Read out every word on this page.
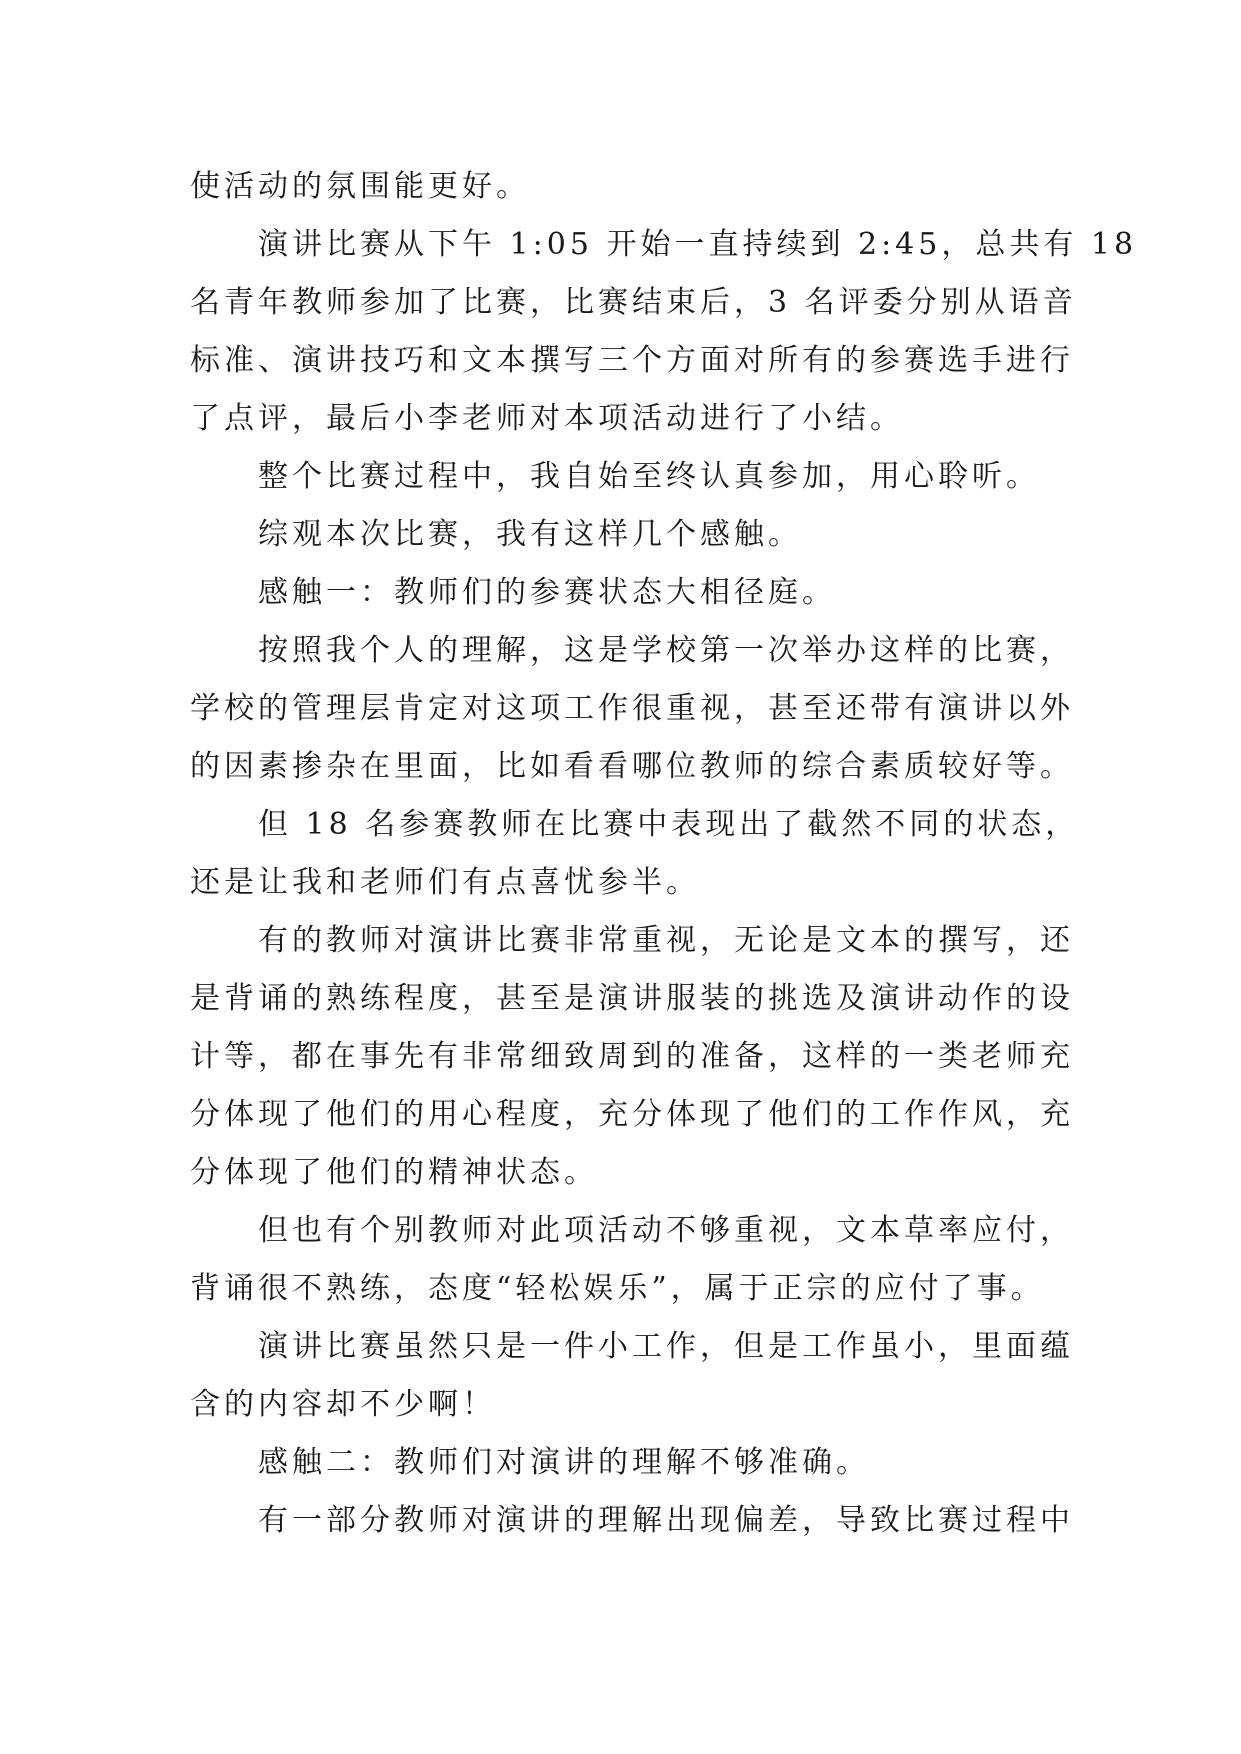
使活动的氛围能更好。
演讲比赛从下午 1:05 开始一直持续到 2:45，总共有 18
名青年教师参加了比赛，比赛结束后，3 名评委分别从语音
标准、演讲技巧和文本撰写三个方面对所有的参赛选手进行
了点评，最后小李老师对本项活动进行了小结。
整个比赛过程中，我自始至终认真参加，用心聆听。
综观本次比赛，我有这样几个感触。
感触一：教师们的参赛状态大相径庭。
按照我个人的理解，这是学校第一次举办这样的比赛，
学校的管理层肯定对这项工作很重视，甚至还带有演讲以外
的因素掺杂在里面，比如看看哪位教师的综合素质较好等。
但 18 名参赛教师在比赛中表现出了截然不同的状态，
还是让我和老师们有点喜忧参半。
有的教师对演讲比赛非常重视，无论是文本的撰写，还
是背诵的熟练程度，甚至是演讲服装的挑选及演讲动作的设
计等，都在事先有非常细致周到的准备，这样的一类老师充
分体现了他们的用心程度，充分体现了他们的工作作风，充
分体现了他们的精神状态。
但也有个别教师对此项活动不够重视，文本草率应付，
背诵很不熟练，态度“轻松娱乐”，属于正宗的应付了事。
演讲比赛虽然只是一件小工作，但是工作虽小，里面蕴
含的内容却不少啊！
感触二：教师们对演讲的理解不够准确。
有一部分教师对演讲的理解出现偏差，导致比赛过程中
